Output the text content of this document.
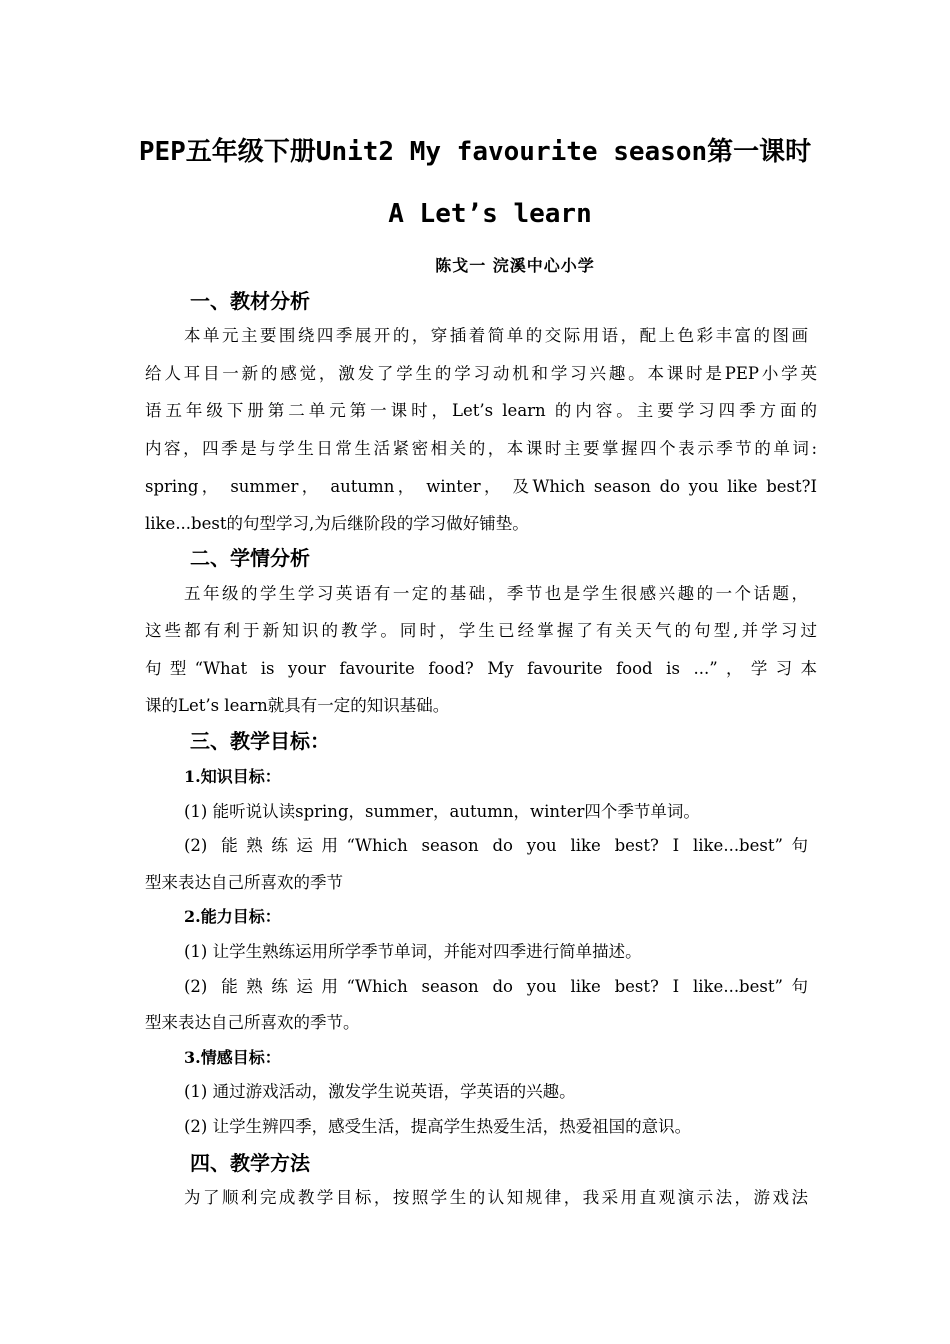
PEP五年级下册Unit2 My favourite season第一课时
A Let’s learn
陈戈一 浣溪中心小学
一、教材分析
本单元主要围绕四季展开的，穿插着简单的交际用语，配上色彩丰富的图画
给人耳目一新的感觉，激发了学生的学习动机和学习兴趣。本课时是PEP小学英
语五年级下册第二单元第一课时，Let’s learn 的内容。主要学习四季方面的
内容，四季是与学生日常生活紧密相关的，本课时主要掌握四个表示季节的单词:
spring， summer， autumn， winter， 及Which season do you like best?I
like...best的句型学习,为后继阶段的学习做好铺垫。
二、学情分析
五年级的学生学习英语有一定的基础，季节也是学生很感兴趣的一个话题，
这些都有利于新知识的教学。同时，学生已经掌握了有关天气的句型,并学习过
句型“What is your favourite food? My favourite food is ...”，学习本
课的Let’s learn就具有一定的知识基础。
三、教学目标：
1.知识目标：
(1) 能听说认读spring，summer，autumn，winter四个季节单词。
(2) 能熟练运用“Which season do you like best? I like...best”句
型来表达自己所喜欢的季节
2.能力目标：
(1) 让学生熟练运用所学季节单词，并能对四季进行简单描述。
(2) 能熟练运用“Which season do you like best? I like...best”句
型来表达自己所喜欢的季节。
3.情感目标：
(1) 通过游戏活动，激发学生说英语，学英语的兴趣。
(2) 让学生辨四季，感受生活，提高学生热爱生活，热爱祖国的意识。
四、教学方法
为了顺利完成教学目标，按照学生的认知规律，我采用直观演示法，游戏法
